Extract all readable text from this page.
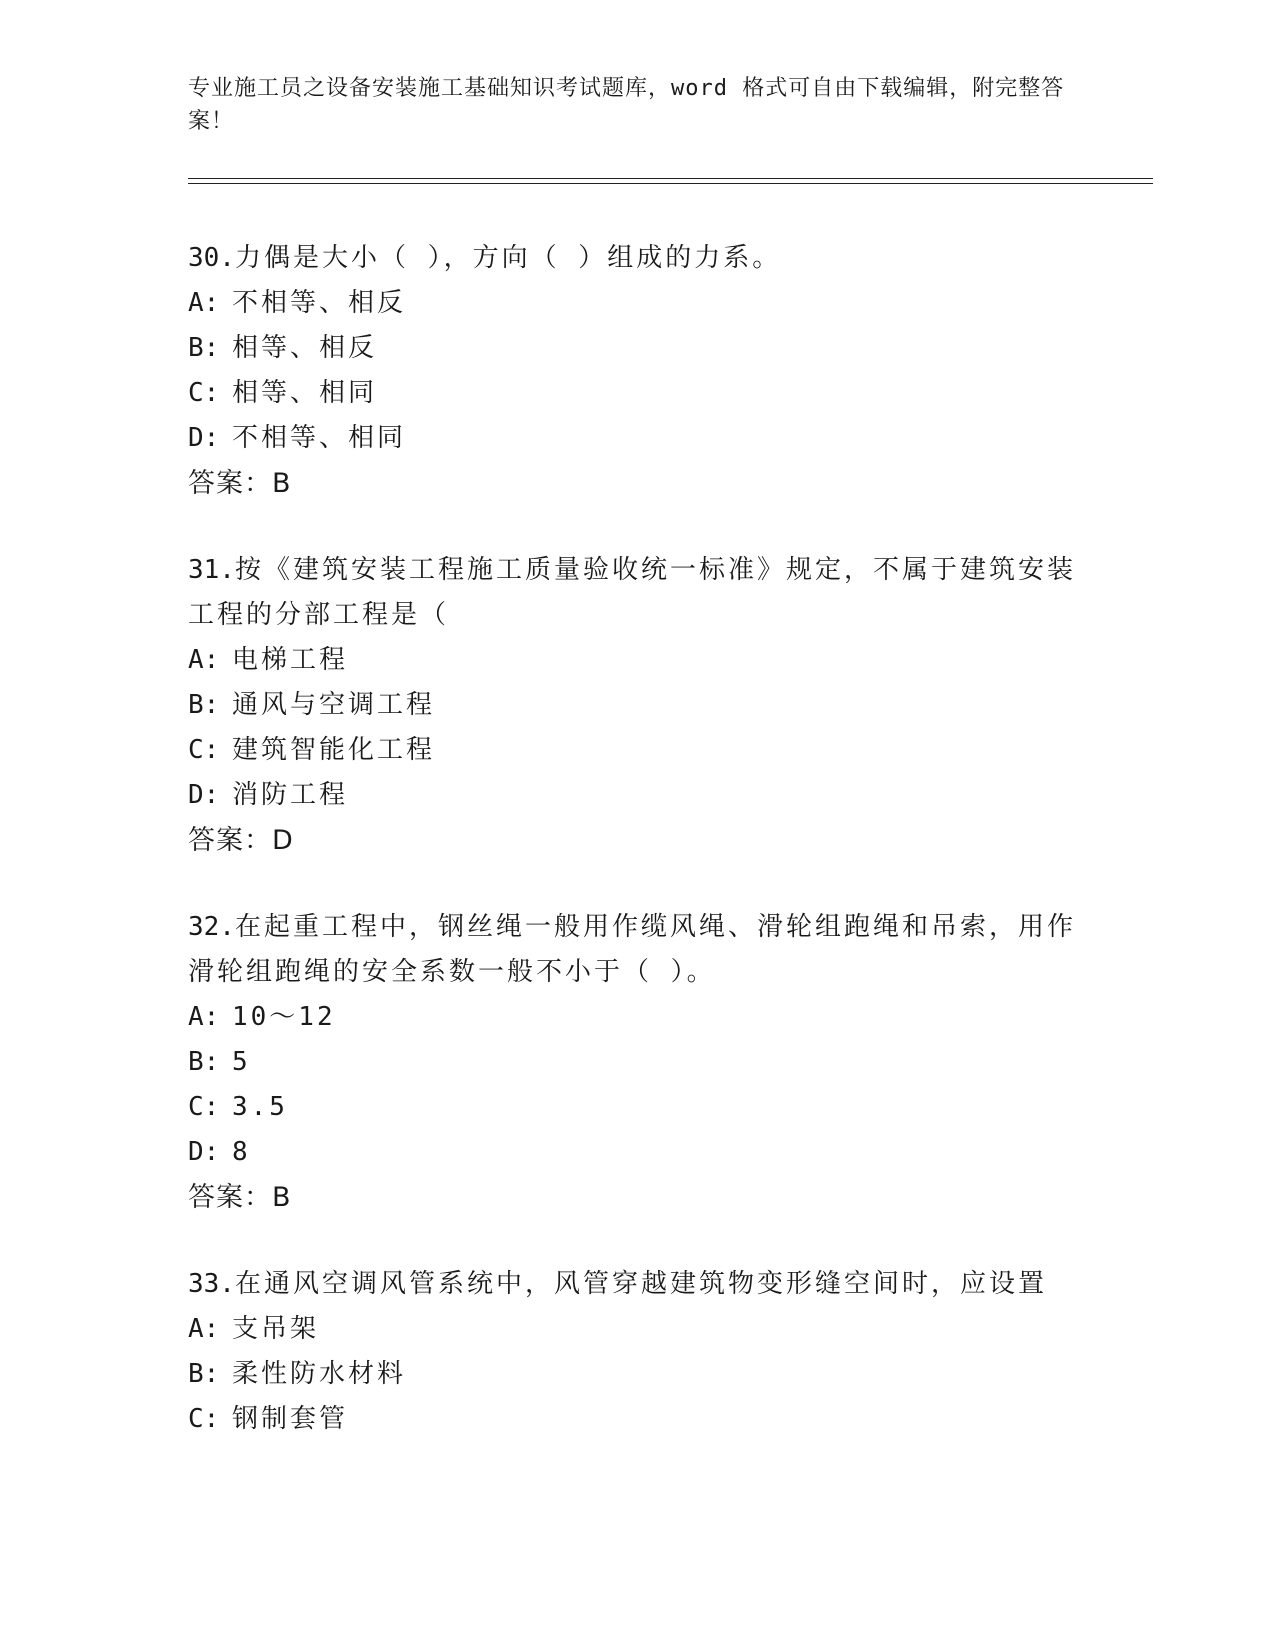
专业施工员之设备安装施工基础知识考试题库，word 格式可自由下载编辑，附完整答案！

30.力偶是大小（ ），方向（ ）组成的力系。

A: 不相等、相反

B: 相等、相反

C: 相等、相同

D: 不相等、相同

答案：B

31.按《建筑安装工程施工质量验收统一标准》规定，不属于建筑安装工程的分部工程是（

A: 电梯工程

B: 通风与空调工程

C: 建筑智能化工程

D: 消防工程

答案：D

32.在起重工程中，钢丝绳一般用作缆风绳、滑轮组跑绳和吊索，用作滑轮组跑绳的安全系数一般不小于（ ）。

A: 10～12

B: 5

C: 3.5

D: 8

答案：B

33.在通风空调风管系统中，风管穿越建筑物变形缝空间时，应设置

A: 支吊架

B: 柔性防水材料

C: 钢制套管
